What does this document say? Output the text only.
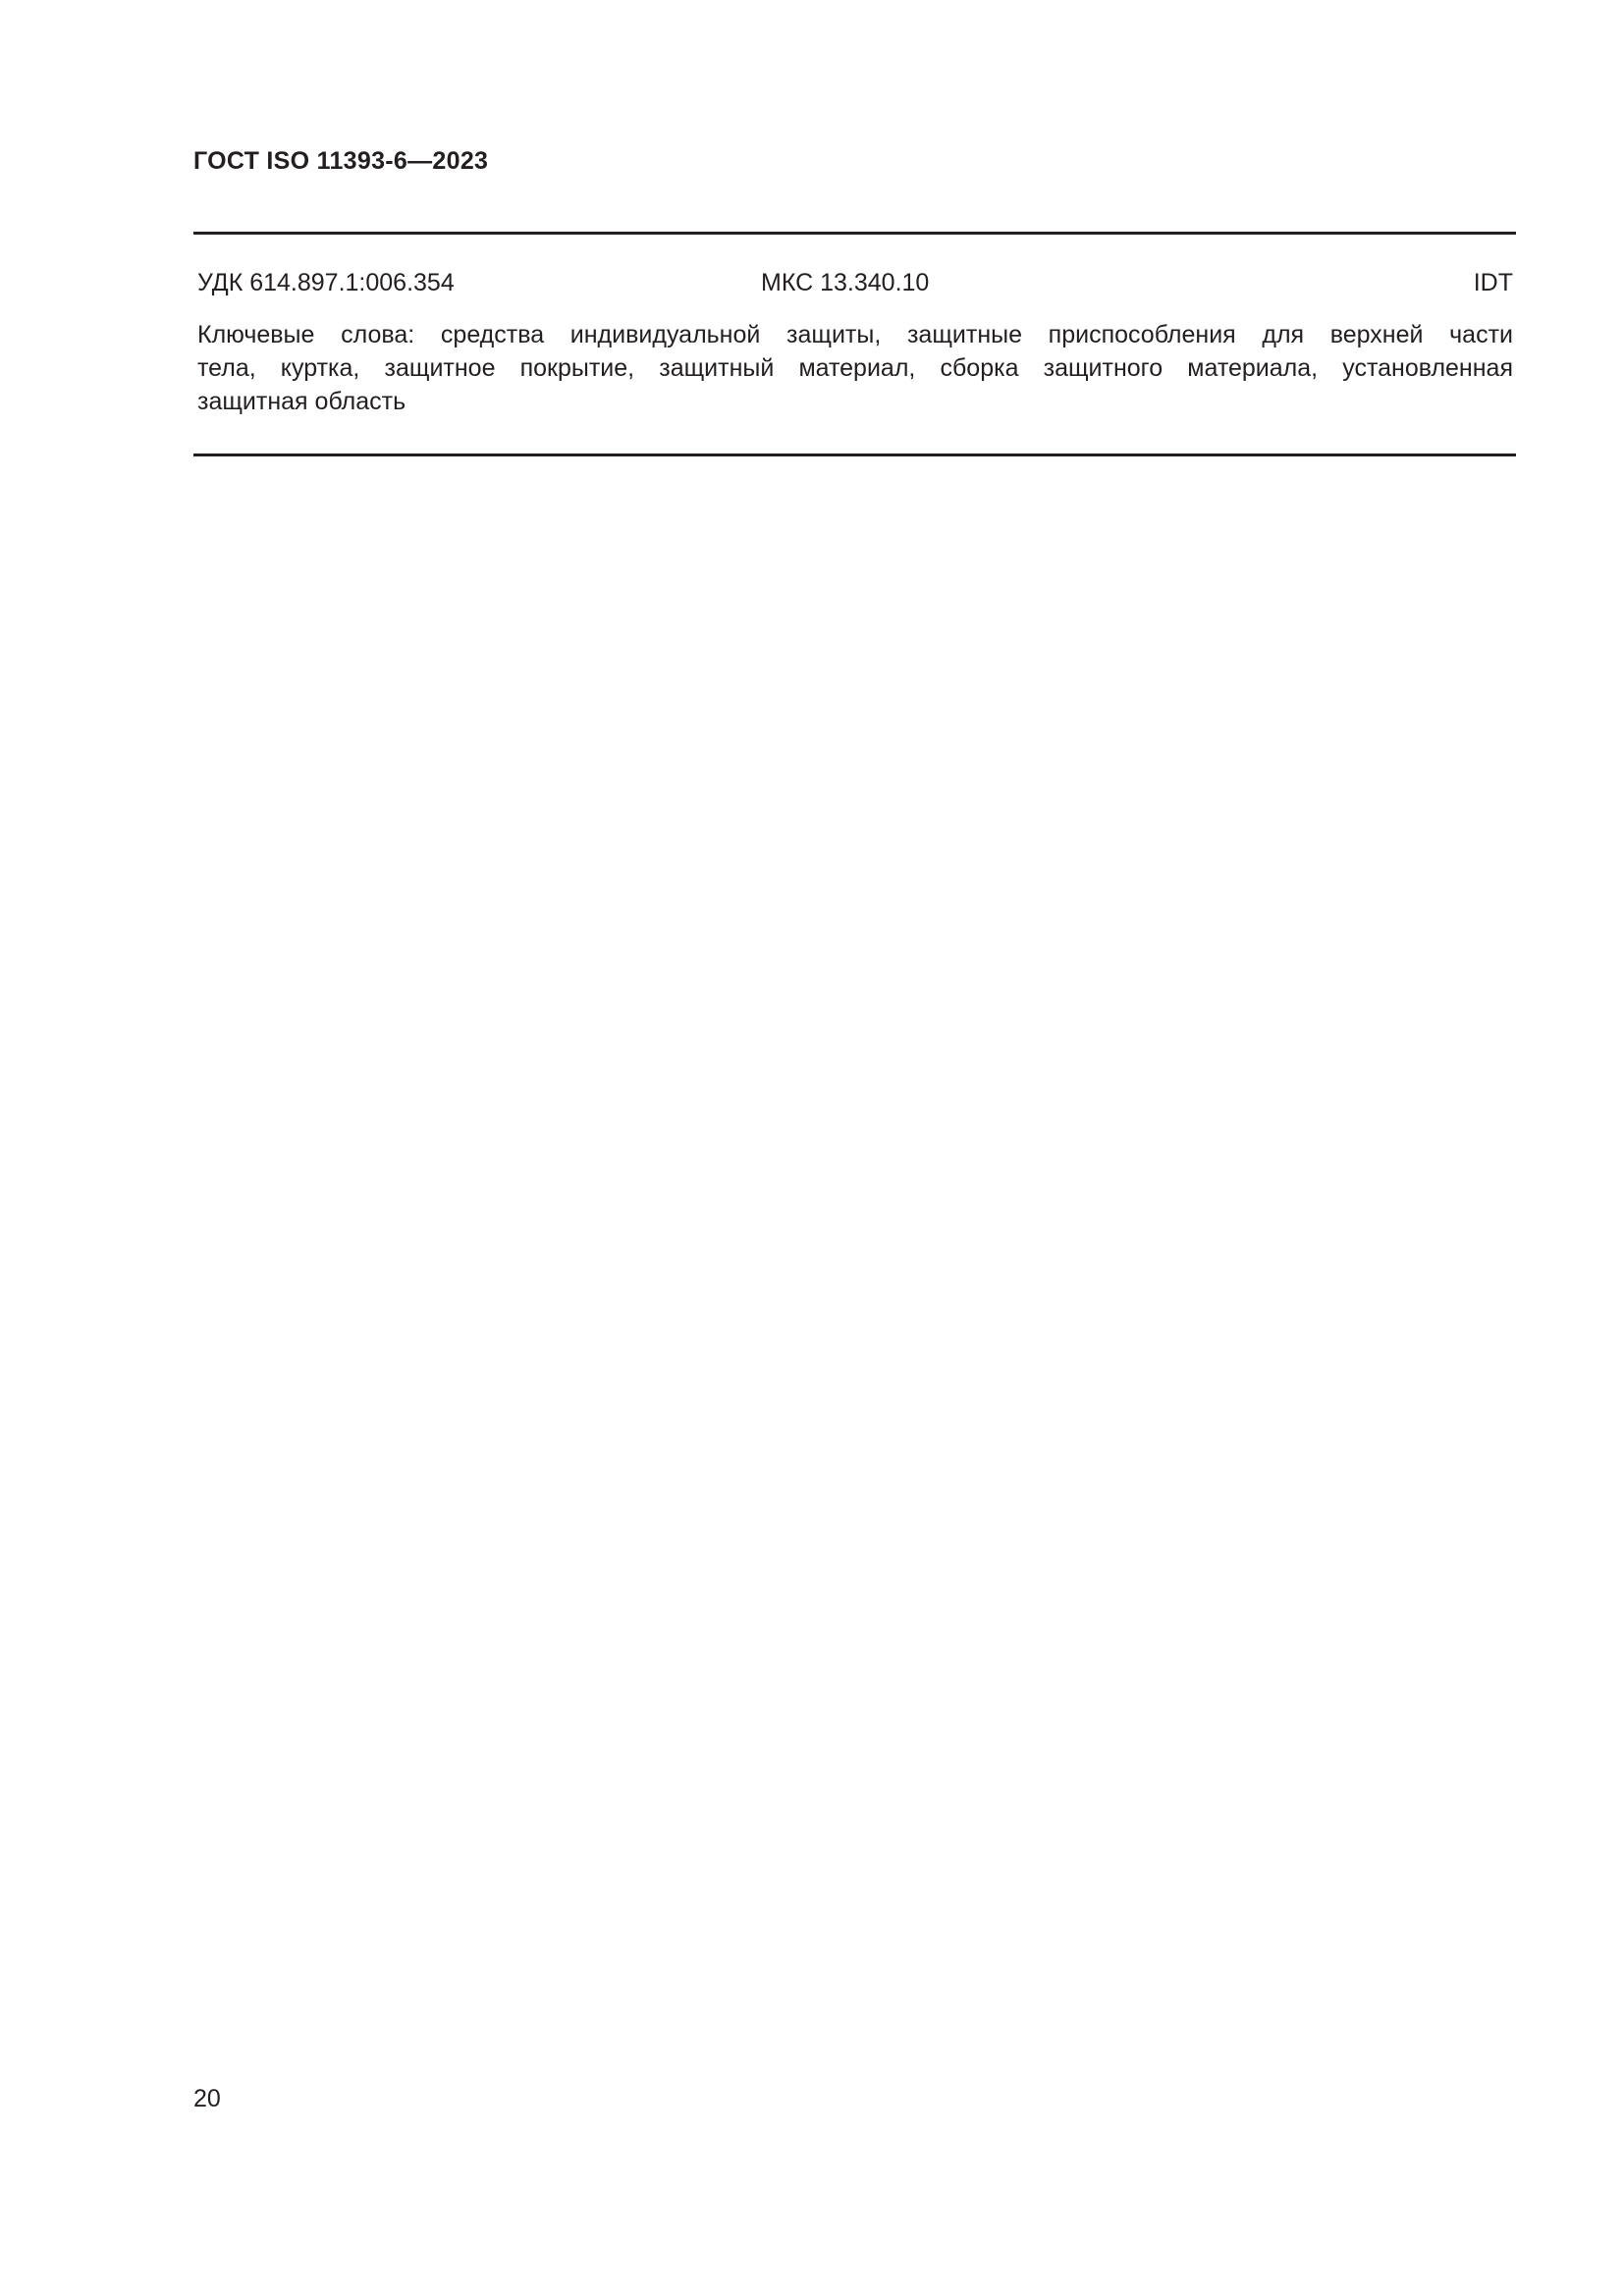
ГОСТ ISO 11393-6—2023
УДК 614.897.1:006.354	МКС 13.340.10	IDT
Ключевые слова: средства индивидуальной защиты, защитные приспособления для верхней части
тела, куртка, защитное покрытие, защитный материал, сборка защитного материала, установленная
защитная область
20
